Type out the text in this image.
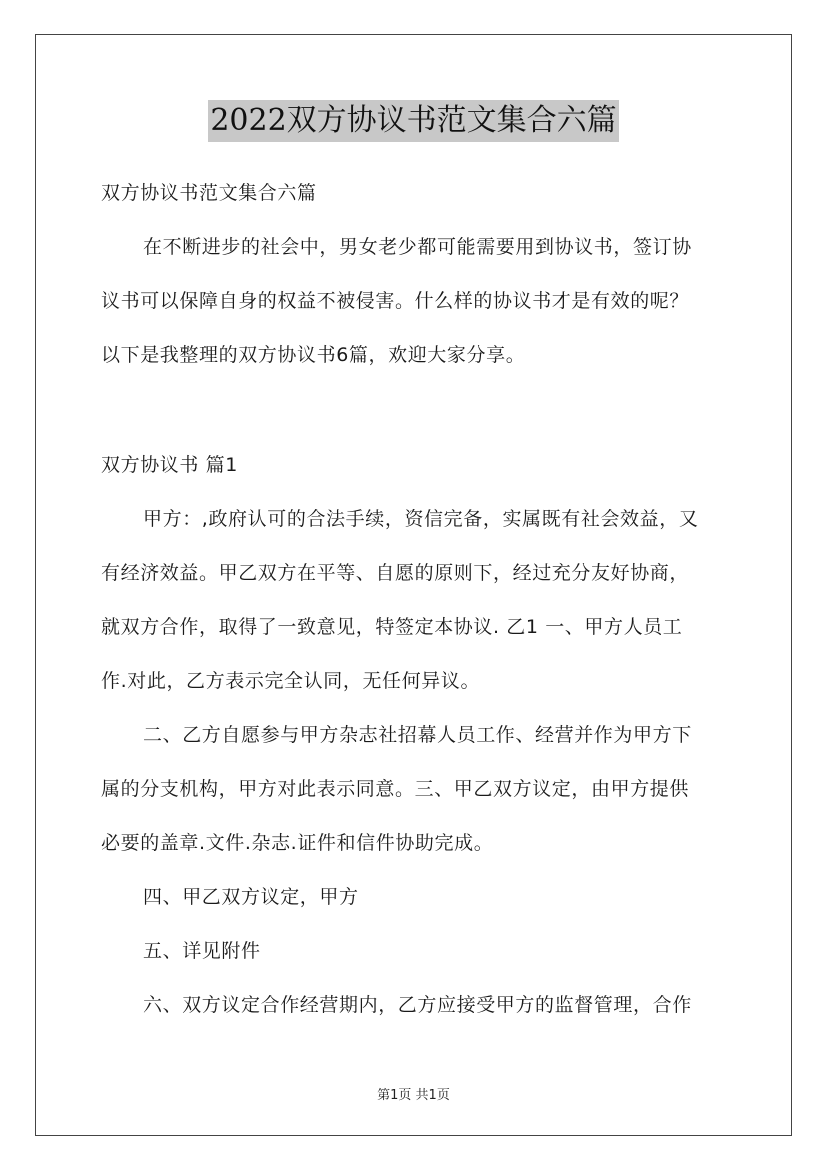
2022双方协议书范文集合六篇
双方协议书范文集合六篇
在不断进步的社会中，男女老少都可能需要用到协议书，签订协
议书可以保障自身的权益不被侵害。什么样的协议书才是有效的呢？
以下是我整理的双方协议书6篇，欢迎大家分享。
双方协议书 篇1
甲方：,政府认可的合法手续，资信完备，实属既有社会效益，又
有经济效益。甲乙双方在平等、自愿的原则下，经过充分友好协商，
就双方合作，取得了一致意见，特签定本协议. 乙1 一、甲方人员工
作.对此，乙方表示完全认同，无任何异议。
二、乙方自愿参与甲方杂志社招幕人员工作、经营并作为甲方下
属的分支机构，甲方对此表示同意。三、甲乙双方议定，由甲方提供
必要的盖章.文件.杂志.证件和信件协助完成。
四、甲乙双方议定，甲方
五、详见附件
六、双方议定合作经营期内，乙方应接受甲方的监督管理，合作
第1页 共1页
